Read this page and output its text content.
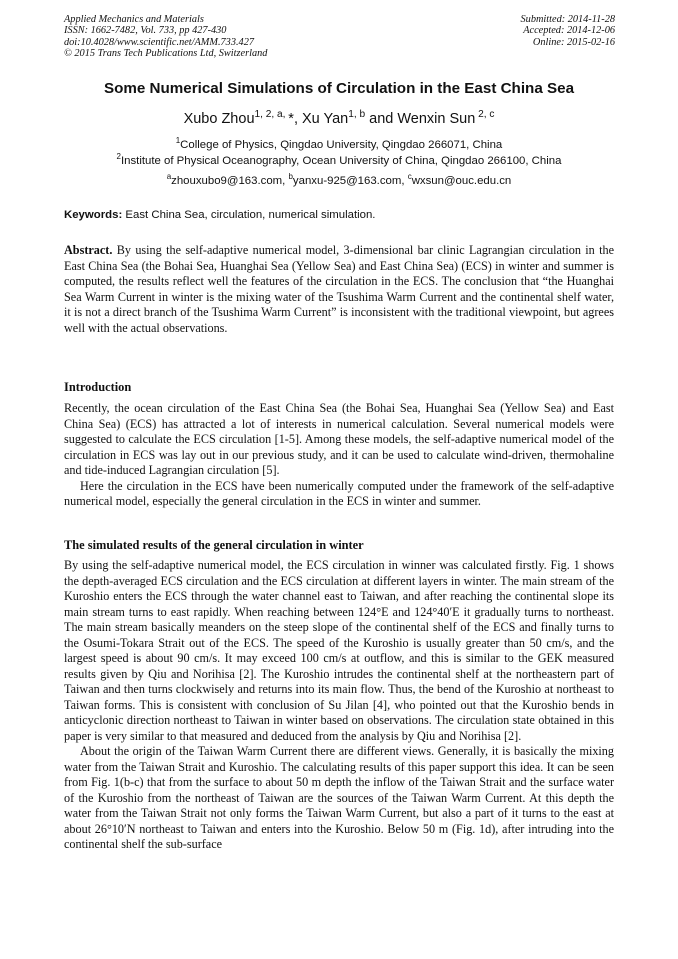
Applied Mechanics and Materials
ISSN: 1662-7482, Vol. 733, pp 427-430
doi:10.4028/www.scientific.net/AMM.733.427
© 2015 Trans Tech Publications Ltd, Switzerland
Submitted: 2014-11-28
Accepted: 2014-12-06
Online: 2015-02-16
Some Numerical Simulations of Circulation in the East China Sea
Xubo Zhou$^{1, 2, a,}$ *, Xu Yan$^{1, b}$ and Wenxin Sun $^{2, c}$
$^1$College of Physics, Qingdao University, Qingdao 266071, China
$^2$Institute of Physical Oceanography, Ocean University of China, Qingdao 266100, China
$^a$zhouxubo9@163.com, $^b$yanxu-925@163.com, $^c$wxsun@ouc.edu.cn
Keywords: East China Sea, circulation, numerical simulation.

Abstract. By using the self-adaptive numerical model, 3-dimensional bar clinic Lagrangian circulation in the East China Sea (the Bohai Sea, Huanghai Sea (Yellow Sea) and East China Sea) (ECS) in winter and summer is computed, the results reflect well the features of the circulation in the ECS. The conclusion that “the Huanghai Sea Warm Current in winter is the mixing water of the Tsushima Warm Current and the continental shelf water, it is not a direct branch of the Tsushima Warm Current” is inconsistent with the traditional viewpoint, but agrees well with the actual observations.

Introduction

Recently, the ocean circulation of the East China Sea (the Bohai Sea, Huanghai Sea (Yellow Sea) and East China Sea) (ECS) has attracted a lot of interests in numerical calculation. Several numerical models were suggested to calculate the ECS circulation [1-5]. Among these models, the self-adaptive numerical model of the circulation in ECS was lay out in our previous study, and it can be used to calculate wind-driven, thermohaline and tide-induced Lagrangian circulation [5].

Here the circulation in the ECS have been numerically computed under the framework of the self-adaptive numerical model, especially the general circulation in the ECS in winter and summer.

The simulated results of the general circulation in winter

By using the self-adaptive numerical model, the ECS circulation in winner was calculated firstly. Fig. 1 shows the depth-averaged ECS circulation and the ECS circulation at different layers in winter. The main stream of the Kuroshio enters the ECS through the water channel east to Taiwan, and after reaching the continental slope its main stream turns to east rapidly. When reaching between 124°E and 124°40′E it gradually turns to northeast. The main stream basically meanders on the steep slope of the continental shelf of the ECS and finally turns to the Osumi-Tokara Strait out of the ECS. The speed of the Kuroshio is usually greater than 50 cm/s, and the largest speed is about 90 cm/s. It may exceed 100 cm/s at outflow, and this is similar to the GEK measured results given by Qiu and Norihisa [2]. The Kuroshio intrudes the continental shelf at the northeastern part of Taiwan and then turns clockwisely and returns into its main flow. Thus, the bend of the Kuroshio at northeast to Taiwan forms. This is consistent with conclusion of Su Jilan [4], who pointed out that the Kuroshio bends in anticyclonic direction northeast to Taiwan in winter based on observations. The circulation state obtained in this paper is very similar to that measured and deduced from the analysis by Qiu and Norihisa [2].

About the origin of the Taiwan Warm Current there are different views. Generally, it is basically the mixing water from the Taiwan Strait and Kuroshio. The calculating results of this paper support this idea. It can be seen from Fig. 1(b-c) that from the surface to about 50 m depth the inflow of the Taiwan Strait and the surface water of the Kuroshio from the northeast of Taiwan are the sources of the Taiwan Warm Current. At this depth the water from the Taiwan Strait not only forms the Taiwan Warm Current, but also a part of it turns to the east at about 26°10′N northeast to Taiwan and enters into the Kuroshio. Below 50 m (Fig. 1d), after intruding into the continental shelf the sub-surface
